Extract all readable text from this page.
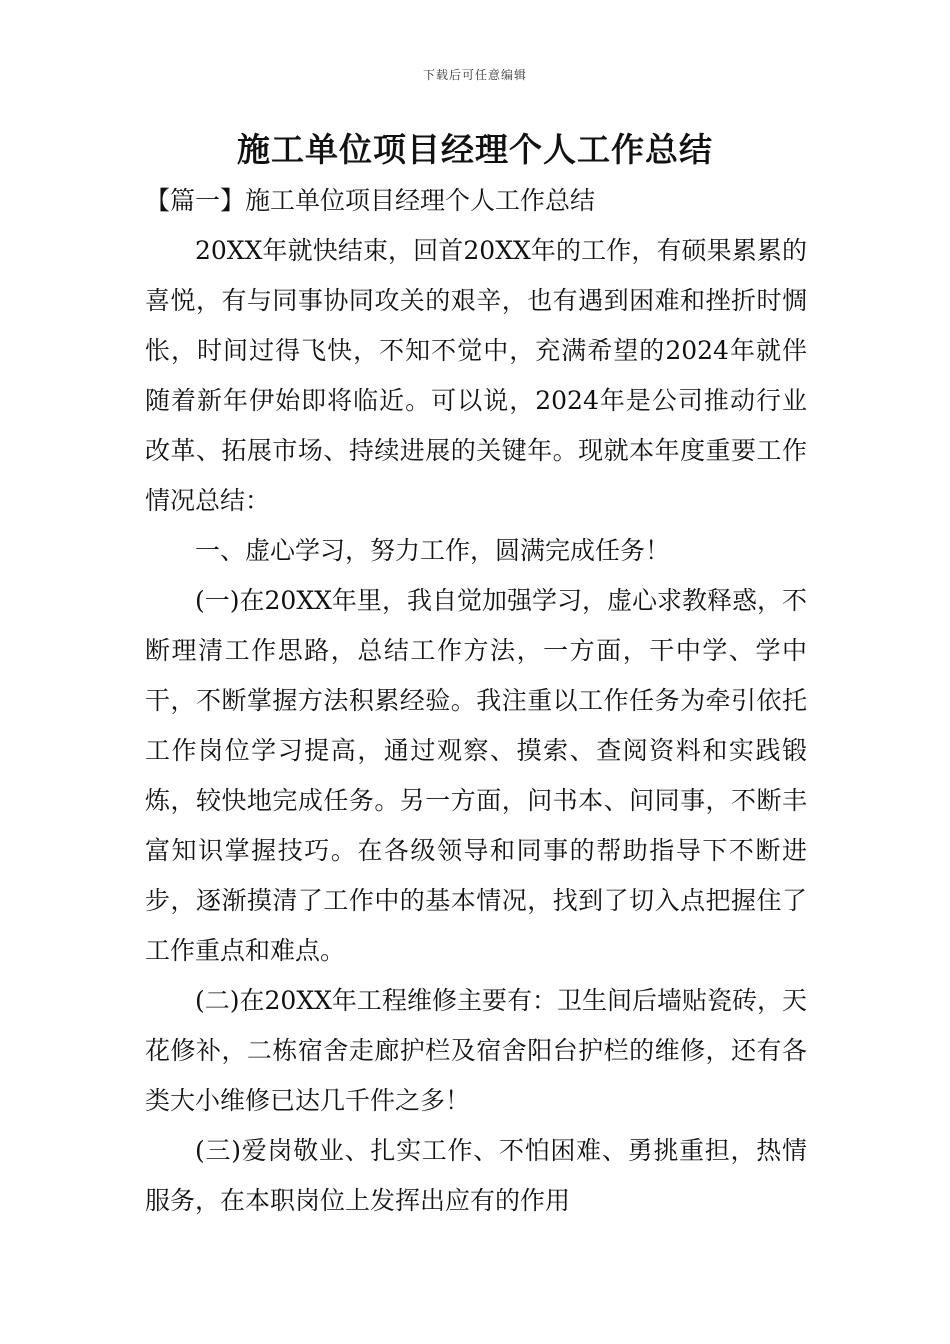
下载后可任意编辑
施工单位项目经理个人工作总结

【篇一】施工单位项目经理个人工作总结

20XX年就快结束，回首20XX年的工作，有硕果累累的喜悦，有与同事协同攻关的艰辛，也有遇到困难和挫折时惆怅，时间过得飞快，不知不觉中，充满希望的2024年就伴随着新年伊始即将临近。可以说，2024年是公司推动行业改革、拓展市场、持续进展的关键年。现就本年度重要工作情况总结：

一、虚心学习，努力工作，圆满完成任务！

(一)在20XX年里，我自觉加强学习，虚心求教释惑，不断理清工作思路，总结工作方法，一方面，干中学、学中干，不断掌握方法积累经验。我注重以工作任务为牵引依托工作岗位学习提高，通过观察、摸索、查阅资料和实践锻炼，较快地完成任务。另一方面，问书本、问同事，不断丰富知识掌握技巧。在各级领导和同事的帮助指导下不断进步，逐渐摸清了工作中的基本情况，找到了切入点把握住了工作重点和难点。

(二)在20XX年工程维修主要有：卫生间后墙贴瓷砖，天花修补，二栋宿舍走廊护栏及宿舍阳台护栏的维修，还有各类大小维修已达几千件之多！

(三)爱岗敬业、扎实工作、不怕困难、勇挑重担，热情服务，在本职岗位上发挥出应有的作用
